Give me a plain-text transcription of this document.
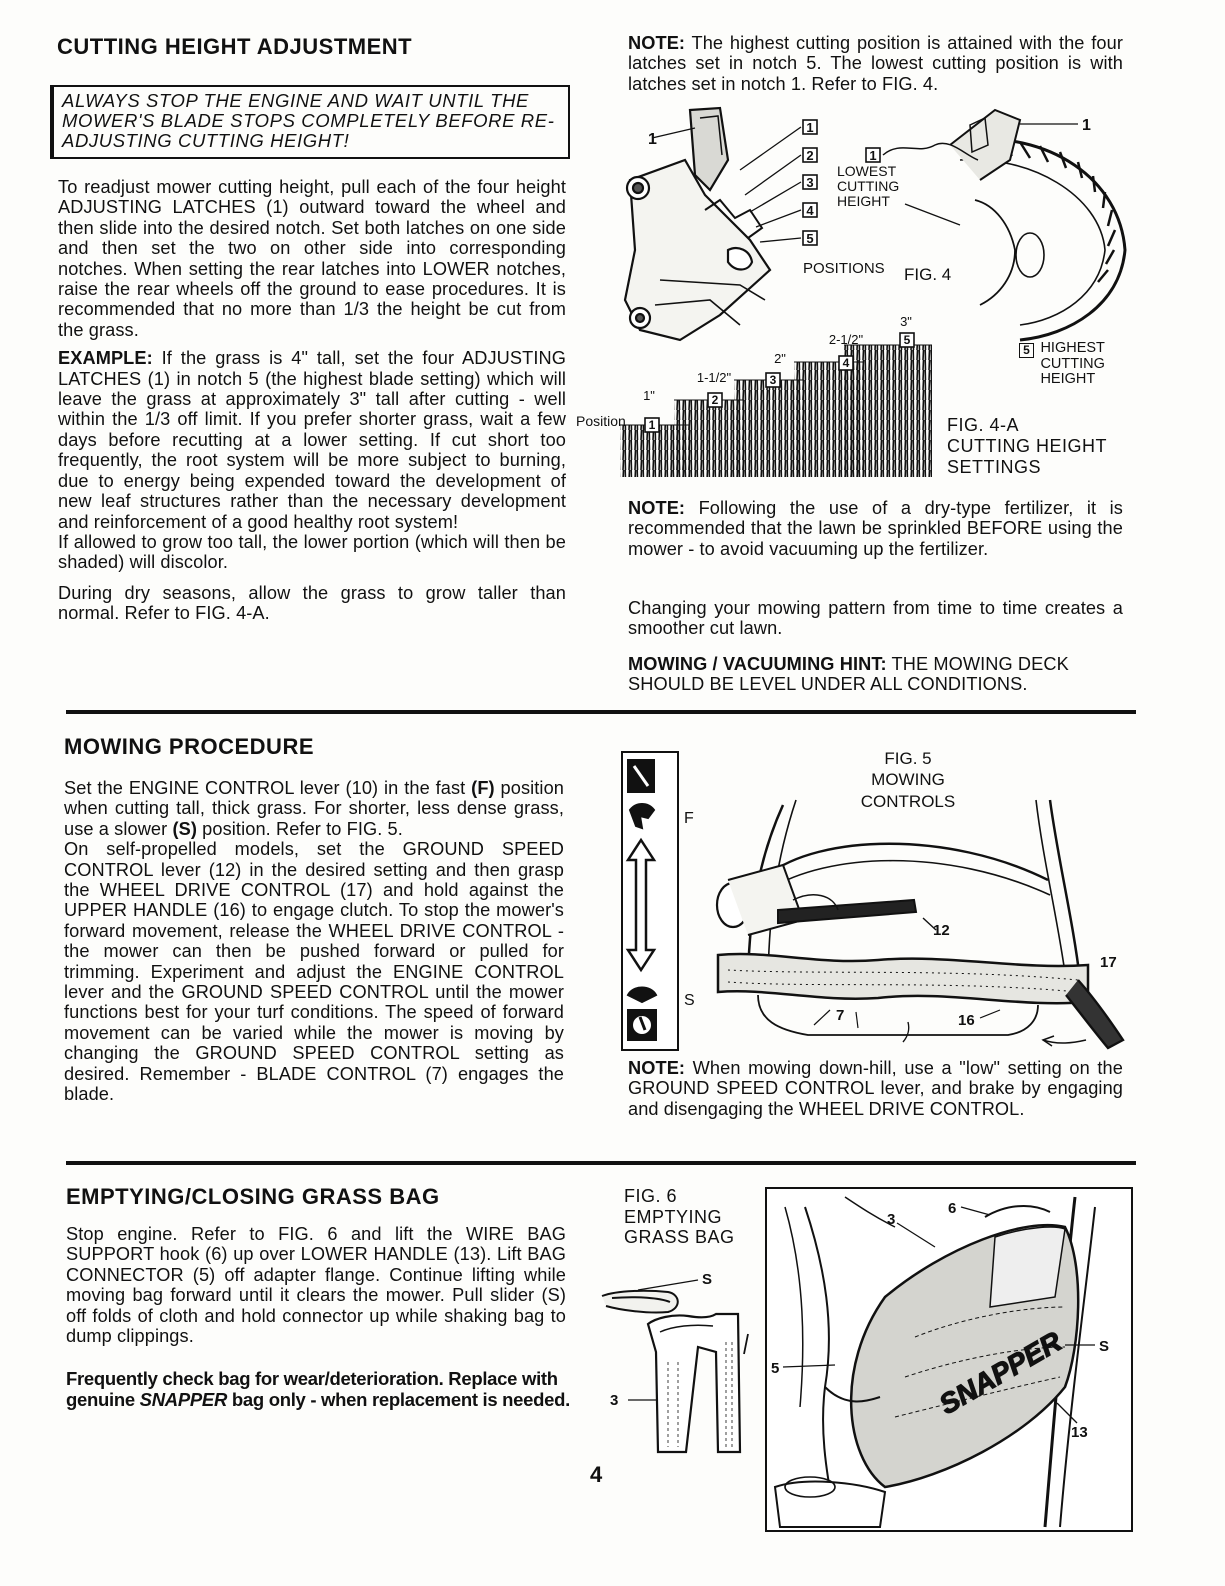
CUTTING HEIGHT ADJUSTMENT
ALWAYS STOP THE ENGINE AND WAIT UNTIL THE MOWER'S BLADE STOPS COMPLETELY BEFORE RE-ADJUSTING CUTTING HEIGHT!

To readjust mower cutting height, pull each of the four height ADJUSTING LATCHES (1) outward toward the wheel and then slide into the desired notch. Set both latches on one side and then set the two on other side into corresponding notches. When setting the rear latches into LOWER notches, raise the rear wheels off the ground to ease procedures. It is recommended that no more than 1/3 the height be cut from the grass.

EXAMPLE: If the grass is 4" tall, set the four ADJUSTING LATCHES (1) in notch 5 (the highest blade setting) which will leave the grass at approximately 3" tall after cutting - well within the 1/3 off limit. If you prefer shorter grass, wait a few days before recutting at a lower setting. If cut short too frequently, the root system will be more subject to burning, due to energy being expended toward the development of new leaf structures rather than the necessary development and reinforcement of a good healthy root system!

If allowed to grow too tall, the lower portion (which will then be shaded) will discolor.

During dry seasons, allow the grass to grow taller than normal. Refer to FIG. 4-A.

NOTE: The highest cutting position is attained with the four latches set in notch 5. The lowest cutting position is with latches set in notch 1. Refer to FIG. 4.
1
2
3
4
5
1
1
1
LOWEST CUTTING HEIGHT
POSITIONS FIG. 4
5 HIGHEST CUTTING HEIGHT
1"
1-1/2"
2"
2-1/2"
3"
1
2
3
4
5
Position	FIG. 4-A
CUTTING HEIGHT
SETTINGS
NOTE: Following the use of a dry-type fertilizer, it is recommended that the lawn be sprinkled BEFORE using the mower - to avoid vacuuming up the fertilizer.
Changing your mowing pattern from time to time creates a smoother cut lawn.
MOWING / VACUUMING HINT: THE MOWING DECK SHOULD BE LEVEL UNDER ALL CONDITIONS.
MOWING PROCEDURE

Set the ENGINE CONTROL lever (10) in the fast (F) position when cutting tall, thick grass. For shorter, less dense grass, use a slower (S) position. Refer to FIG. 5.

On self-propelled models, set the GROUND SPEED CONTROL lever (12) in the desired setting and then grasp the WHEEL DRIVE CONTROL (17) and hold against the UPPER HANDLE (16) to engage clutch. To stop the mower's forward movement, release the WHEEL DRIVE CONTROL - the mower can then be pushed forward or pulled for trimming. Experiment and adjust the ENGINE CONTROL lever and the GROUND SPEED CONTROL until the mower functions best for your turf conditions. The speed of forward movement can be varied while the mower is moving by changing the GROUND SPEED CONTROL setting as desired. Remember - BLADE CONTROL (7) engages the blade.

F
S
FIG. 5
MOWING
CONTROLS
12
17
7	16
NOTE: When mowing down-hill, use a "low" setting on the GROUND SPEED CONTROL lever, and brake by engaging and disengaging the WHEEL DRIVE CONTROL.
EMPTYING/CLOSING GRASS BAG
Stop engine. Refer to FIG. 6 and lift the WIRE BAG SUPPORT hook (6) up over LOWER HANDLE (13). Lift BAG CONNECTOR (5) off adapter flange. Continue lifting while moving bag forward until it clears the mower. Pull slider (S) off folds of cloth and hold connector up while shaking bag to dump clippings.
Frequently check bag for wear/deterioration. Replace with genuine SNAPPER bag only - when replacement is needed.
FIG. 6
EMPTYING
GRASS BAG
S
3	SNAPPER
3
6
5
S
13
4
